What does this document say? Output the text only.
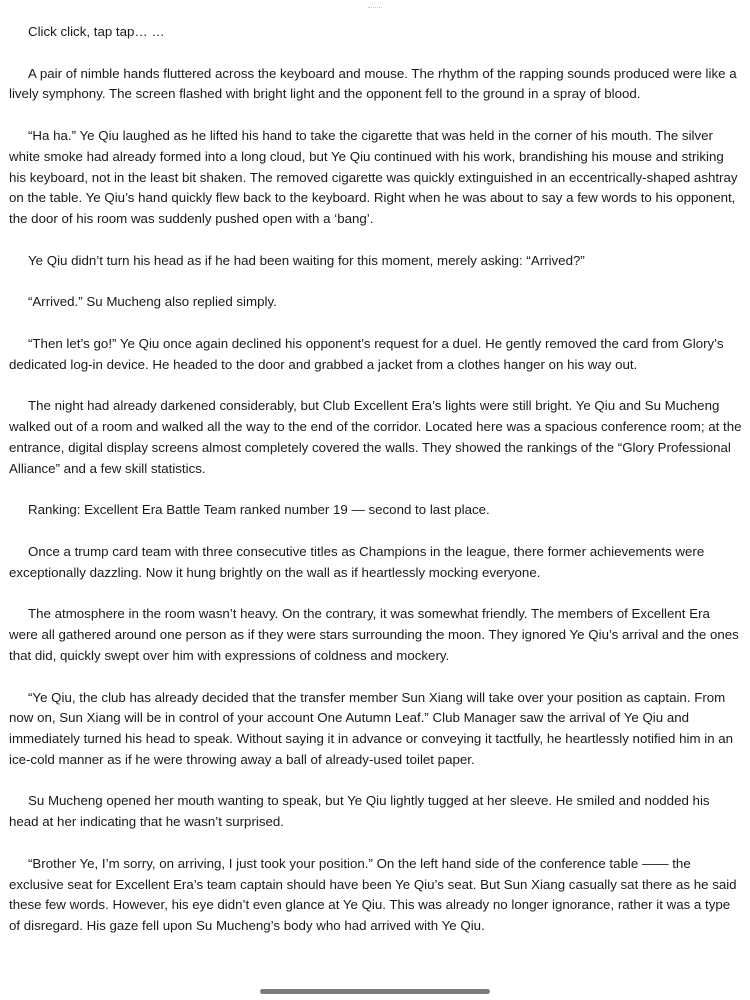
Click click, tap tap… …

A pair of nimble hands fluttered across the keyboard and mouse. The rhythm of the rapping sounds produced were like a lively symphony. The screen flashed with bright light and the opponent fell to the ground in a spray of blood.

“Ha ha.” Ye Qiu laughed as he lifted his hand to take the cigarette that was held in the corner of his mouth. The silver white smoke had already formed into a long cloud, but Ye Qiu continued with his work, brandishing his mouse and striking his keyboard, not in the least bit shaken. The removed cigarette was quickly extinguished in an eccentrically-shaped ashtray on the table. Ye Qiu’s hand quickly flew back to the keyboard. Right when he was about to say a few words to his opponent, the door of his room was suddenly pushed open with a ‘bang’.

Ye Qiu didn’t turn his head as if he had been waiting for this moment, merely asking: “Arrived?”

“Arrived.” Su Mucheng also replied simply.

“Then let’s go!” Ye Qiu once again declined his opponent’s request for a duel. He gently removed the card from Glory’s dedicated log-in device. He headed to the door and grabbed a jacket from a clothes hanger on his way out.

The night had already darkened considerably, but Club Excellent Era’s lights were still bright. Ye Qiu and Su Mucheng walked out of a room and walked all the way to the end of the corridor. Located here was a spacious conference room; at the entrance, digital display screens almost completely covered the walls. They showed the rankings of the “Glory Professional Alliance” and a few skill statistics.

Ranking: Excellent Era Battle Team ranked number 19 — second to last place.

Once a trump card team with three consecutive titles as Champions in the league, there former achievements were exceptionally dazzling. Now it hung brightly on the wall as if heartlessly mocking everyone.

The atmosphere in the room wasn’t heavy. On the contrary, it was somewhat friendly. The members of Excellent Era were all gathered around one person as if they were stars surrounding the moon. They ignored Ye Qiu’s arrival and the ones that did, quickly swept over him with expressions of coldness and mockery.

“Ye Qiu, the club has already decided that the transfer member Sun Xiang will take over your position as captain. From now on, Sun Xiang will be in control of your account One Autumn Leaf.” Club Manager saw the arrival of Ye Qiu and immediately turned his head to speak. Without saying it in advance or conveying it tactfully, he heartlessly notified him in an ice-cold manner as if he were throwing away a ball of already-used toilet paper.

Su Mucheng opened her mouth wanting to speak, but Ye Qiu lightly tugged at her sleeve. He smiled and nodded his head at her indicating that he wasn’t surprised.

“Brother Ye, I’m sorry, on arriving, I just took your position.” On the left hand side of the conference table —— the exclusive seat for Excellent Era’s team captain should have been Ye Qiu’s seat. But Sun Xiang casually sat there as he said these few words. However, his eye didn’t even glance at Ye Qiu. This was already no longer ignorance, rather it was a type of disregard. His gaze fell upon Su Mucheng’s body who had arrived with Ye Qiu.
